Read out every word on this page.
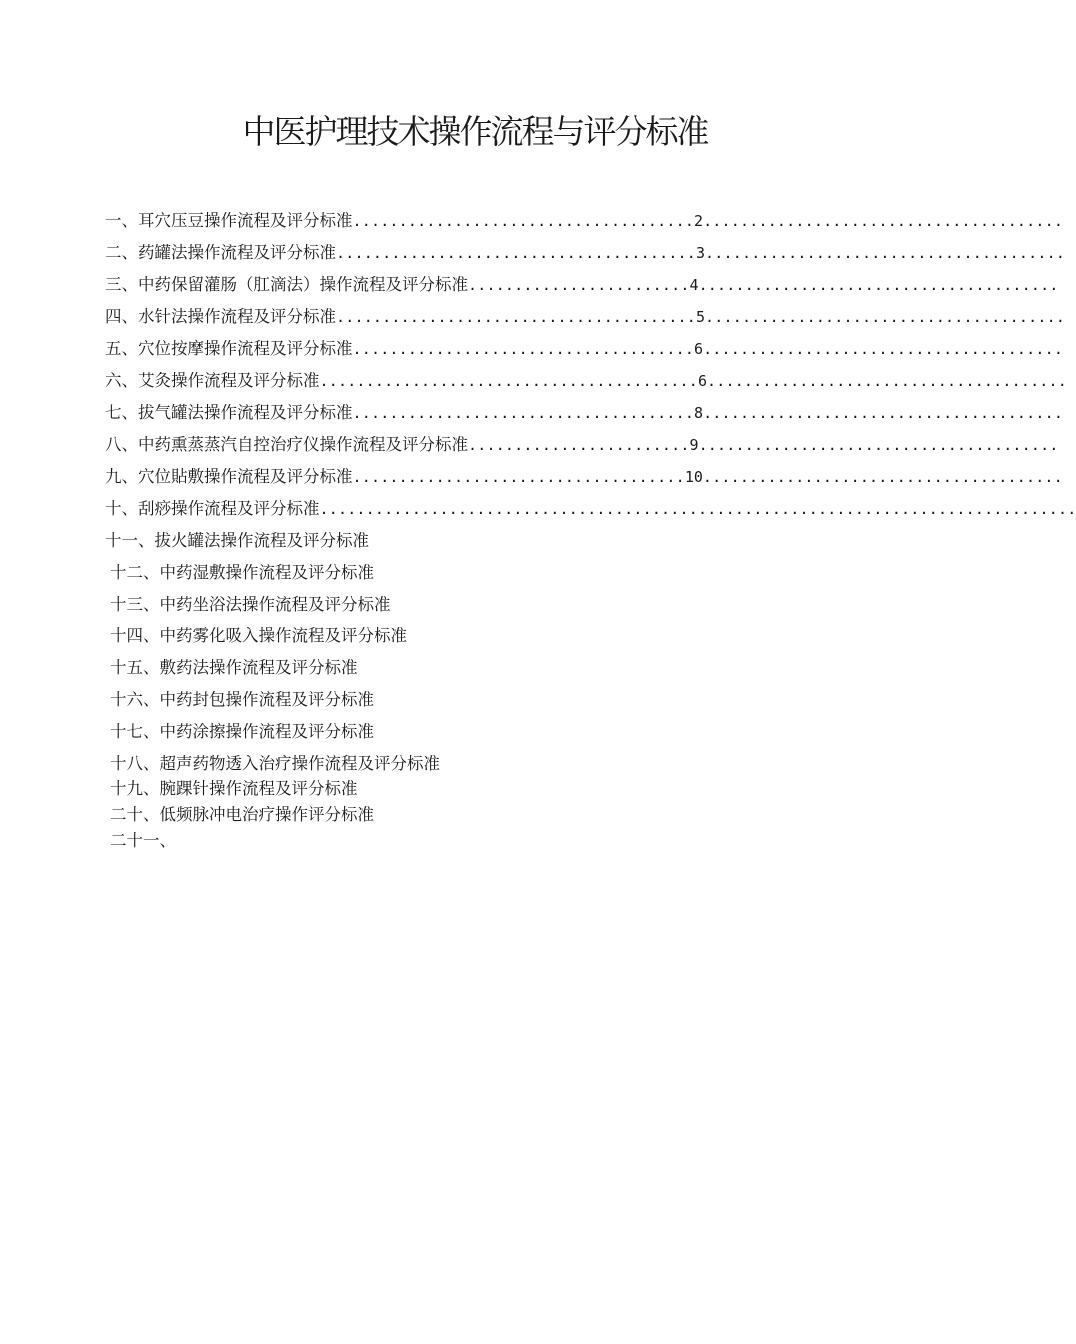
中医护理技术操作流程与评分标准
一、耳穴压豆操作流程及评分标准.....................................2.......................................
二、药罐法操作流程及评分标准.......................................3.......................................
三、中药保留灌肠（肛滴法）操作流程及评分标准........................4.......................................
四、水针法操作流程及评分标准.......................................5.......................................
五、穴位按摩操作流程及评分标准.....................................6.......................................
六、艾灸操作流程及评分标准.........................................6.......................................
七、拔气罐法操作流程及评分标准.....................................8.......................................
八、中药熏蒸蒸汽自控治疗仪操作流程及评分标准........................9.......................................
九、穴位貼敷操作流程及评分标准....................................10.......................................
十、刮痧操作流程及评分标准..................................................................................
十一、拔火罐法操作流程及评分标准
十二、中药湿敷操作流程及评分标准
十三、中药坐浴法操作流程及评分标准
十四、中药雾化吸入操作流程及评分标准
十五、敷药法操作流程及评分标准
十六、中药封包操作流程及评分标准
十七、中药涂擦操作流程及评分标准
十八、超声药物透入治疗操作流程及评分标准
十九、腕踝针操作流程及评分标准
二十、低频脉冲电治疗操作评分标准
二十一、
